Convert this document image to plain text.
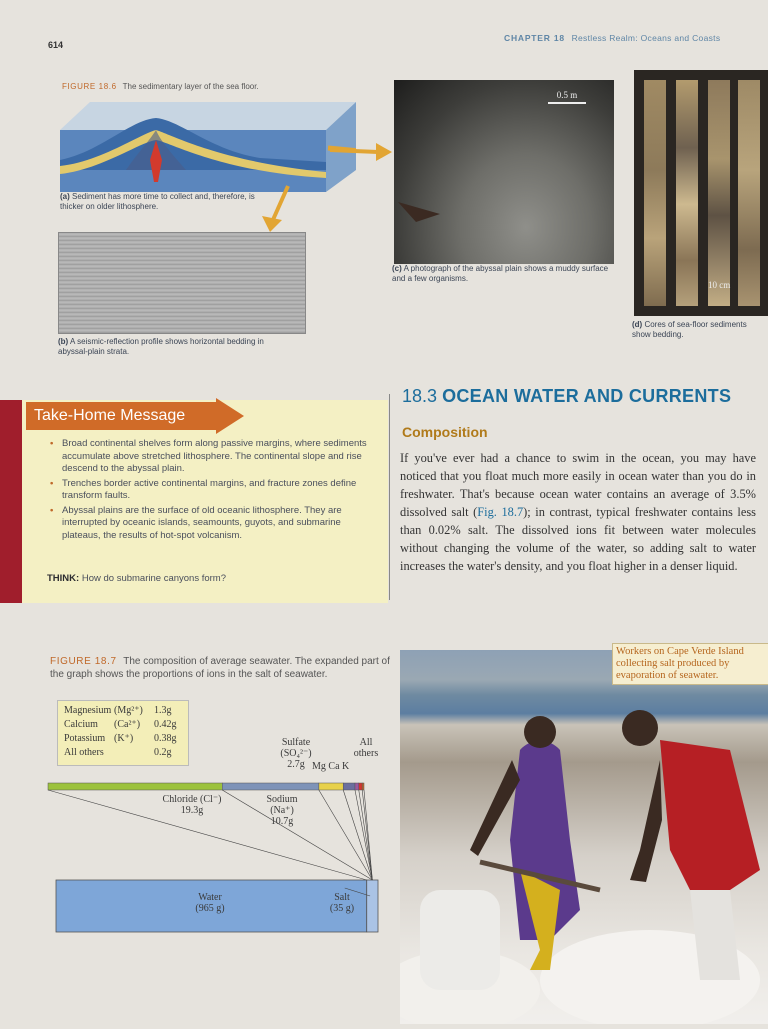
614
CHAPTER 18 Restless Realm: Oceans and Coasts
FIGURE 18.6 The sedimentary layer of the sea floor.
(a) Sediment has more time to collect and, therefore, is thicker on older lithosphere.
(b) A seismic-reflection profile shows horizontal bedding in abyssal-plain strata.
0.5 m
(c) A photograph of the abyssal plain shows a muddy surface and a few organisms.
10 cm
(d) Cores of sea-floor sediments show bedding.
Take-Home Message
• Broad continental shelves form along passive margins, where sediments accumulate above stretched lithosphere. The continental slope and rise descend to the abyssal plain.
• Trenches border active continental margins, and fracture zones define transform faults.
• Abyssal plains are the surface of old oceanic lithosphere. They are interrupted by oceanic islands, seamounts, guyots, and submarine plateaus, the results of hot-spot volcanism.
THINK: How do submarine canyons form?
18.3 OCEAN WATER AND CURRENTS
Composition
If you've ever had a chance to swim in the ocean, you may have noticed that you float much more easily in ocean water than you do in freshwater. That's because ocean water contains an average of 3.5% dissolved salt (Fig. 18.7); in contrast, typical freshwater contains less than 0.02% salt. The dissolved ions fit between water molecules without changing the volume of the water, so adding salt to water increases the water's density, and you float higher in a denser liquid.
FIGURE 18.7 The composition of average seawater. The expanded part of the graph shows the proportions of ions in the salt of seawater.
Magnesium (Mg²⁺) 1.3g
Calcium (Ca²⁺) 0.42g
Potassium (K⁺) 0.38g
All others	0.2g
Sulfate
(SO₄²⁻)
2.7g Mg Ca K
All others
Chloride (Cl⁻)
19.3g
Sodium
(Na⁺)
10.7g
Water
(965 g)
Salt
(35 g)
Workers on Cape Verde Island collecting salt produced by evaporation of seawater.
